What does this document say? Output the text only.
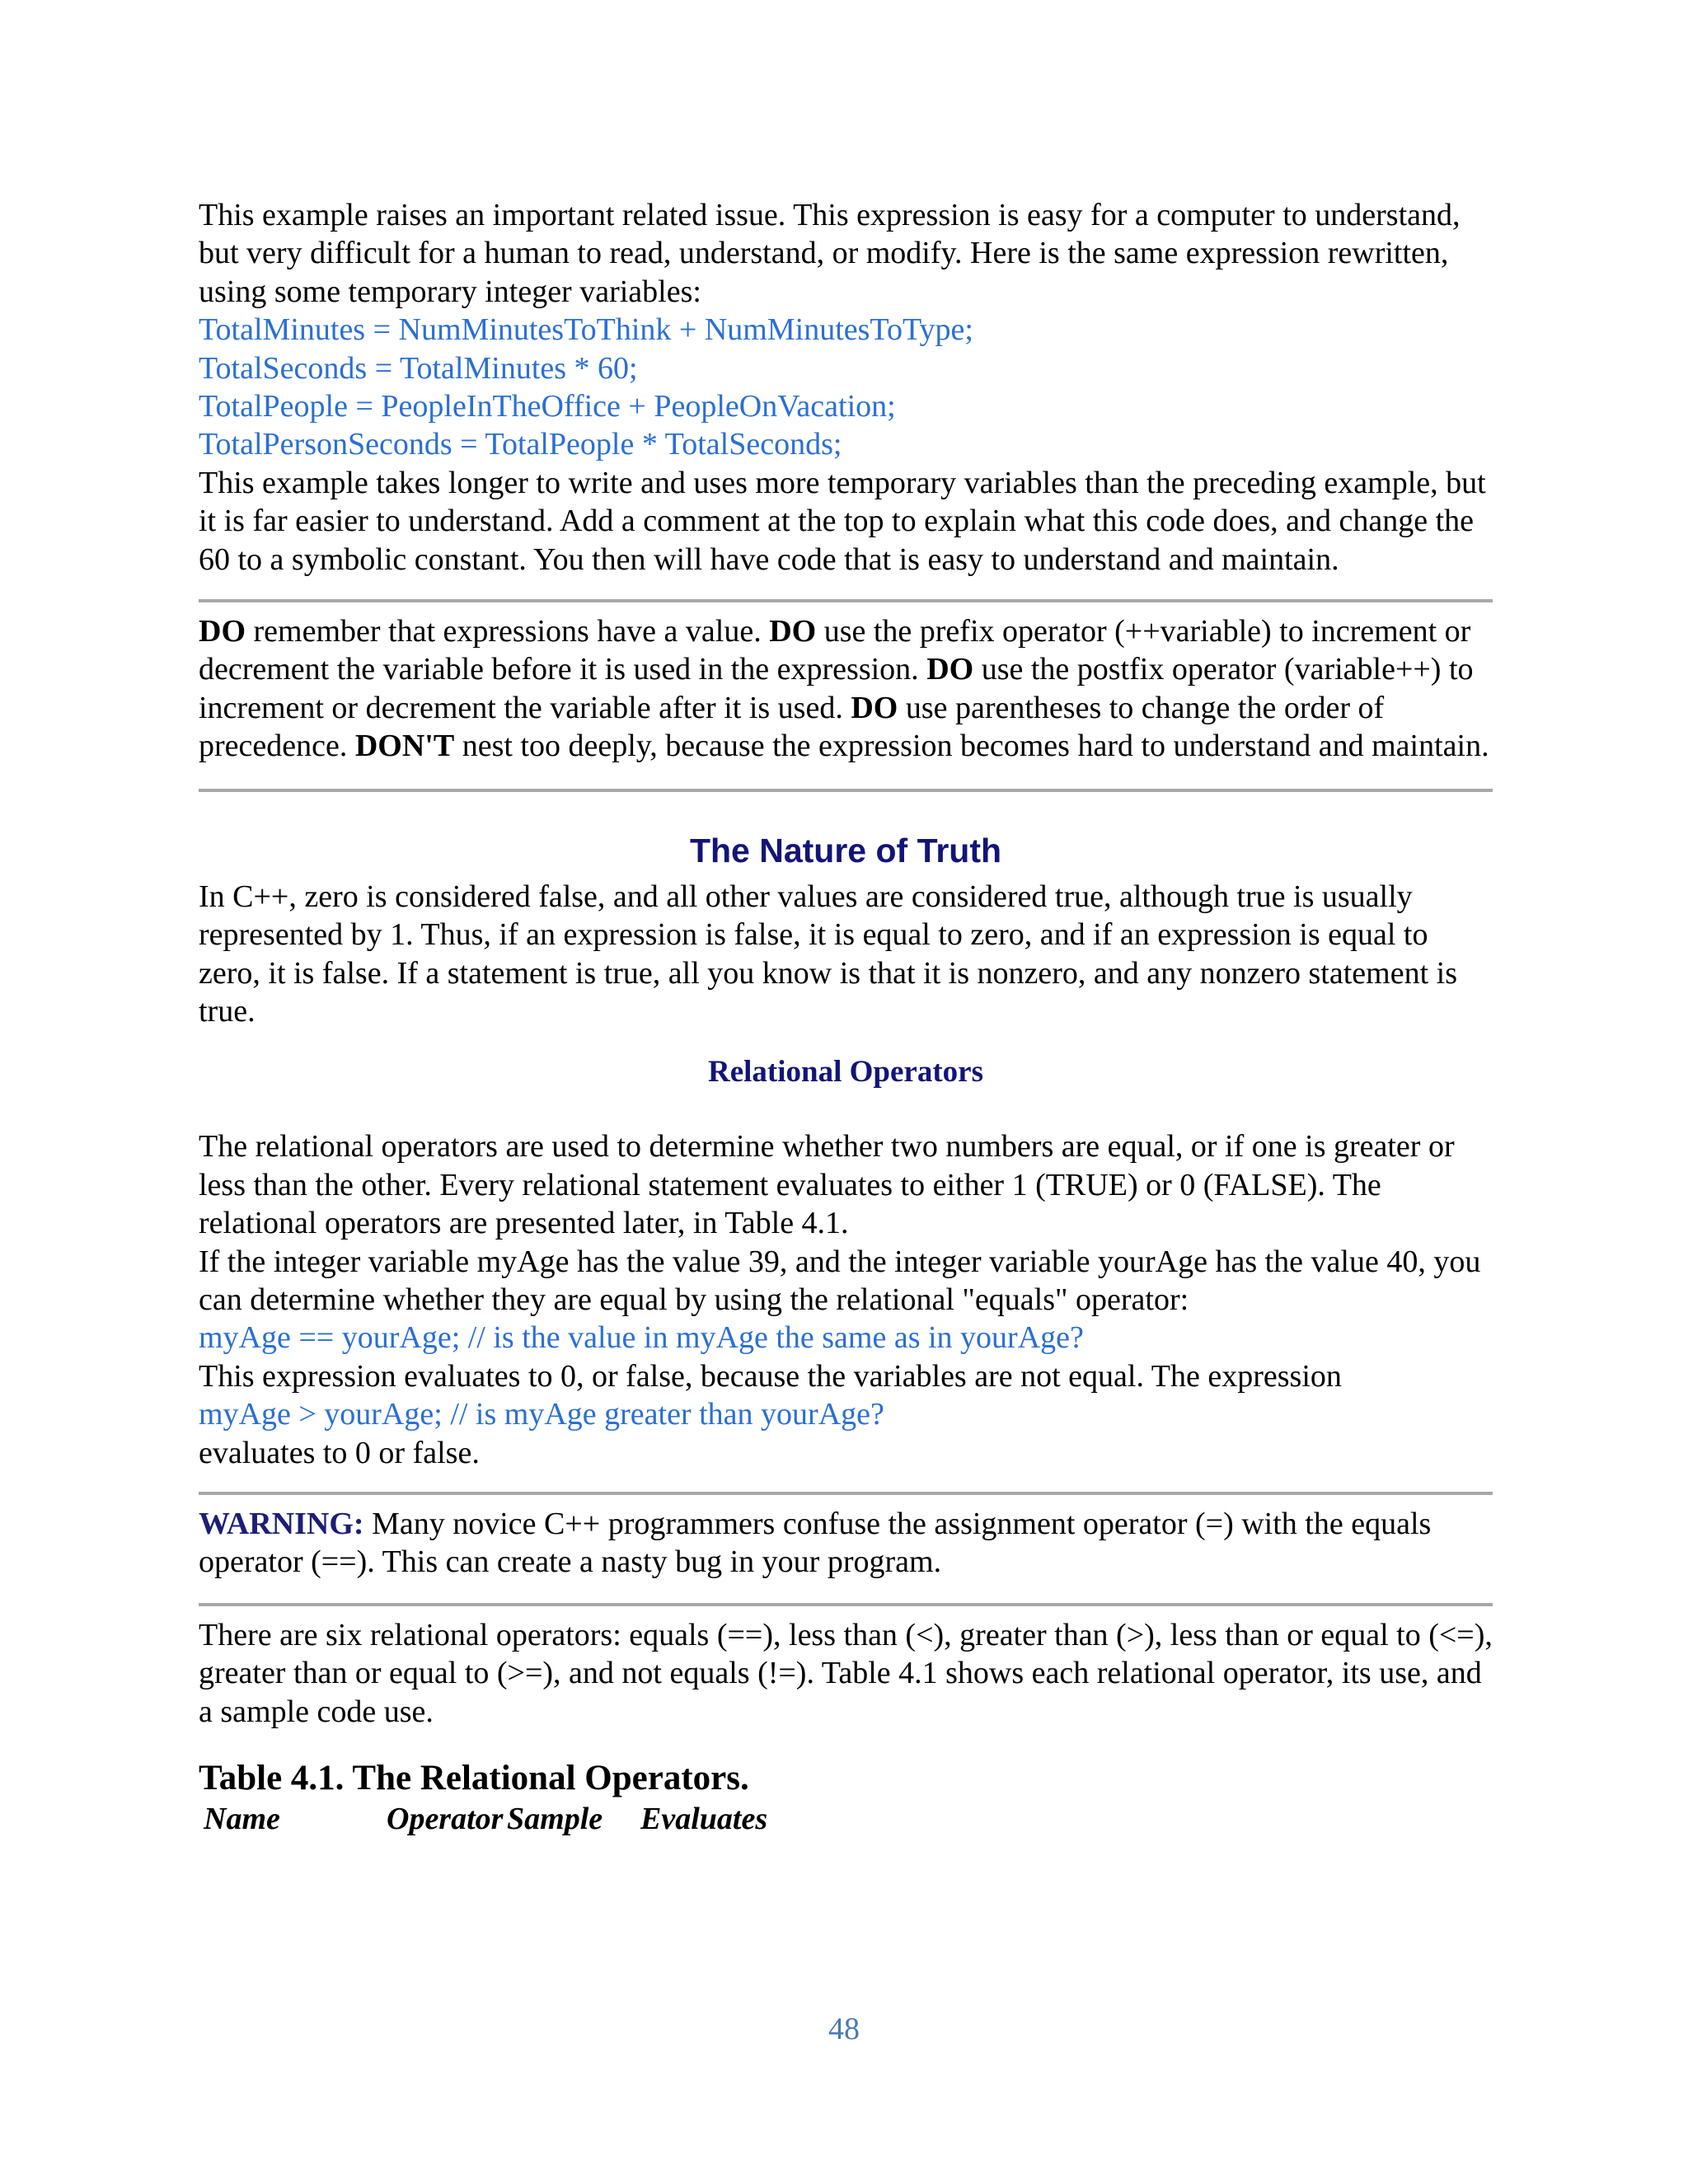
This example raises an important related issue. This expression is easy for a computer to understand, but very difficult for a human to read, understand, or modify. Here is the same expression rewritten, using some temporary integer variables:

TotalMinutes = NumMinutesToThink + NumMinutesToType;
TotalSeconds = TotalMinutes * 60;
TotalPeople = PeopleInTheOffice + PeopleOnVacation;
TotalPersonSeconds = TotalPeople * TotalSeconds;

This example takes longer to write and uses more temporary variables than the preceding example, but it is far easier to understand. Add a comment at the top to explain what this code does, and change the 60 to a symbolic constant. You then will have code that is easy to understand and maintain.

DO remember that expressions have a value. DO use the prefix operator (++variable) to increment or decrement the variable before it is used in the expression. DO use the postfix operator (variable++) to increment or decrement the variable after it is used. DO use parentheses to change the order of precedence. DON'T nest too deeply, because the expression becomes hard to understand and maintain.

The Nature of Truth

In C++, zero is considered false, and all other values are considered true, although true is usually represented by 1. Thus, if an expression is false, it is equal to zero, and if an expression is equal to zero, it is false. If a statement is true, all you know is that it is nonzero, and any nonzero statement is true.

Relational Operators

The relational operators are used to determine whether two numbers are equal, or if one is greater or less than the other. Every relational statement evaluates to either 1 (TRUE) or 0 (FALSE). The relational operators are presented later, in Table 4.1.

If the integer variable myAge has the value 39, and the integer variable yourAge has the value 40, you can determine whether they are equal by using the relational "equals" operator:

myAge == yourAge; // is the value in myAge the same as in yourAge?

This expression evaluates to 0, or false, because the variables are not equal. The expression

myAge > yourAge; // is myAge greater than yourAge?

evaluates to 0 or false.

WARNING: Many novice C++ programmers confuse the assignment operator (=) with the equals operator (==). This can create a nasty bug in your program.

There are six relational operators: equals (==), less than (<), greater than (>), less than or equal to (<=), greater than or equal to (>=), and not equals (!=). Table 4.1 shows each relational operator, its use, and a sample code use.

Table 4.1. The Relational Operators.
Name	Operator Sample	Evaluates
48
